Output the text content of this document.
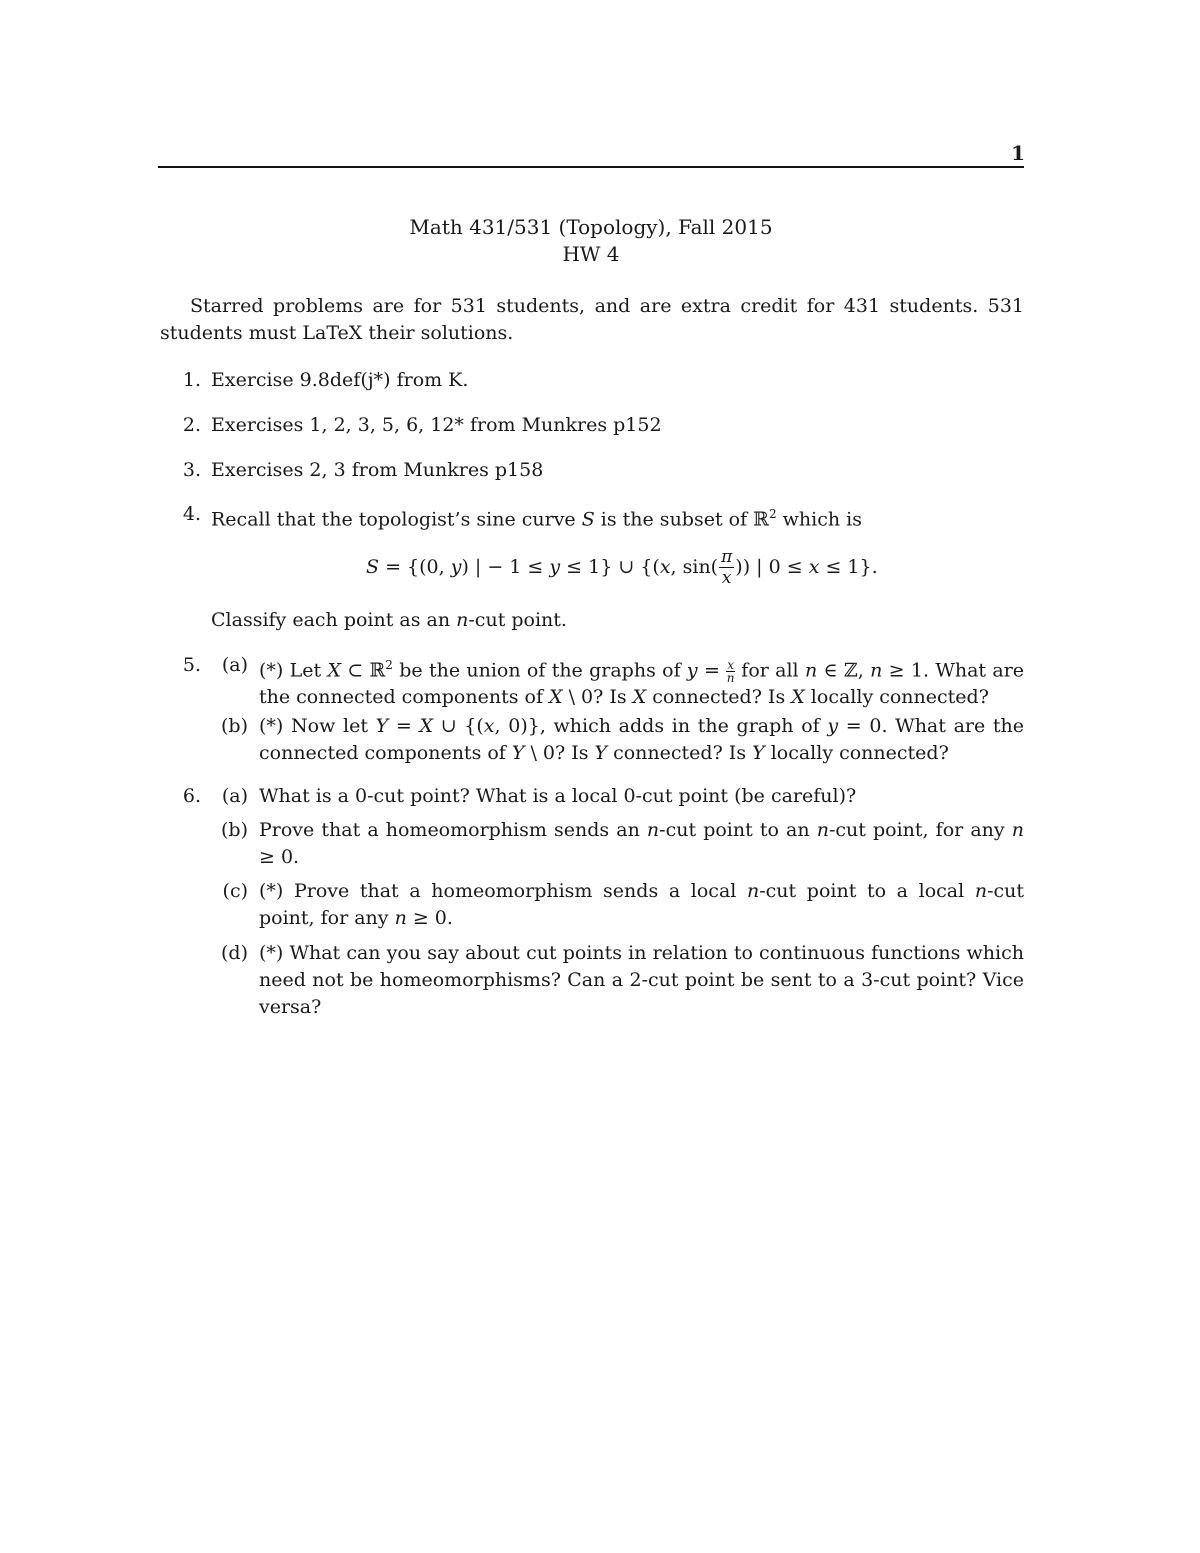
1
Math 431/531 (Topology), Fall 2015
HW 4
Starred problems are for 531 students, and are extra credit for 431 students. 531 students must LaTeX their solutions.
1. Exercise 9.8def(j*) from K.
2. Exercises 1, 2, 3, 5, 6, 12* from Munkres p152
3. Exercises 2, 3 from Munkres p158
4. Recall that the topologist’s sine curve S is the subset of ℝ$^2$ which is
S = {(0, y) | − 1 ≤ y ≤ 1} ∪ {(x, $\sin( \frac{\pi}{x}$ )) | 0 ≤ x ≤ 1}.
Classify each point as an n-cut point.
5.	(a) (*) Let X ⊂ ℝ$^2$ be the union of the graphs of $y = \frac{x}{n}$ for all n ∈ ℤ, n ≥ 1. What are the connected components of X \ 0? Is X connected? Is X locally connected?
(b) (*) Now let Y = X ∪ {(x, 0)}, which adds in the graph of y = 0. What are the connected components of Y \ 0? Is Y connected? Is Y locally connected?
6.	(a) What is a 0-cut point? What is a local 0-cut point (be careful)?
(b) Prove that a homeomorphism sends an n-cut point to an n-cut point, for any n ≥ 0.
(c) (*) Prove that a homeomorphism sends a local n-cut point to a local n-cut point, for any n ≥ 0.
(d) (*) What can you say about cut points in relation to continuous functions which need not be homeomorphisms? Can a 2-cut point be sent to a 3-cut point? Vice versa?
